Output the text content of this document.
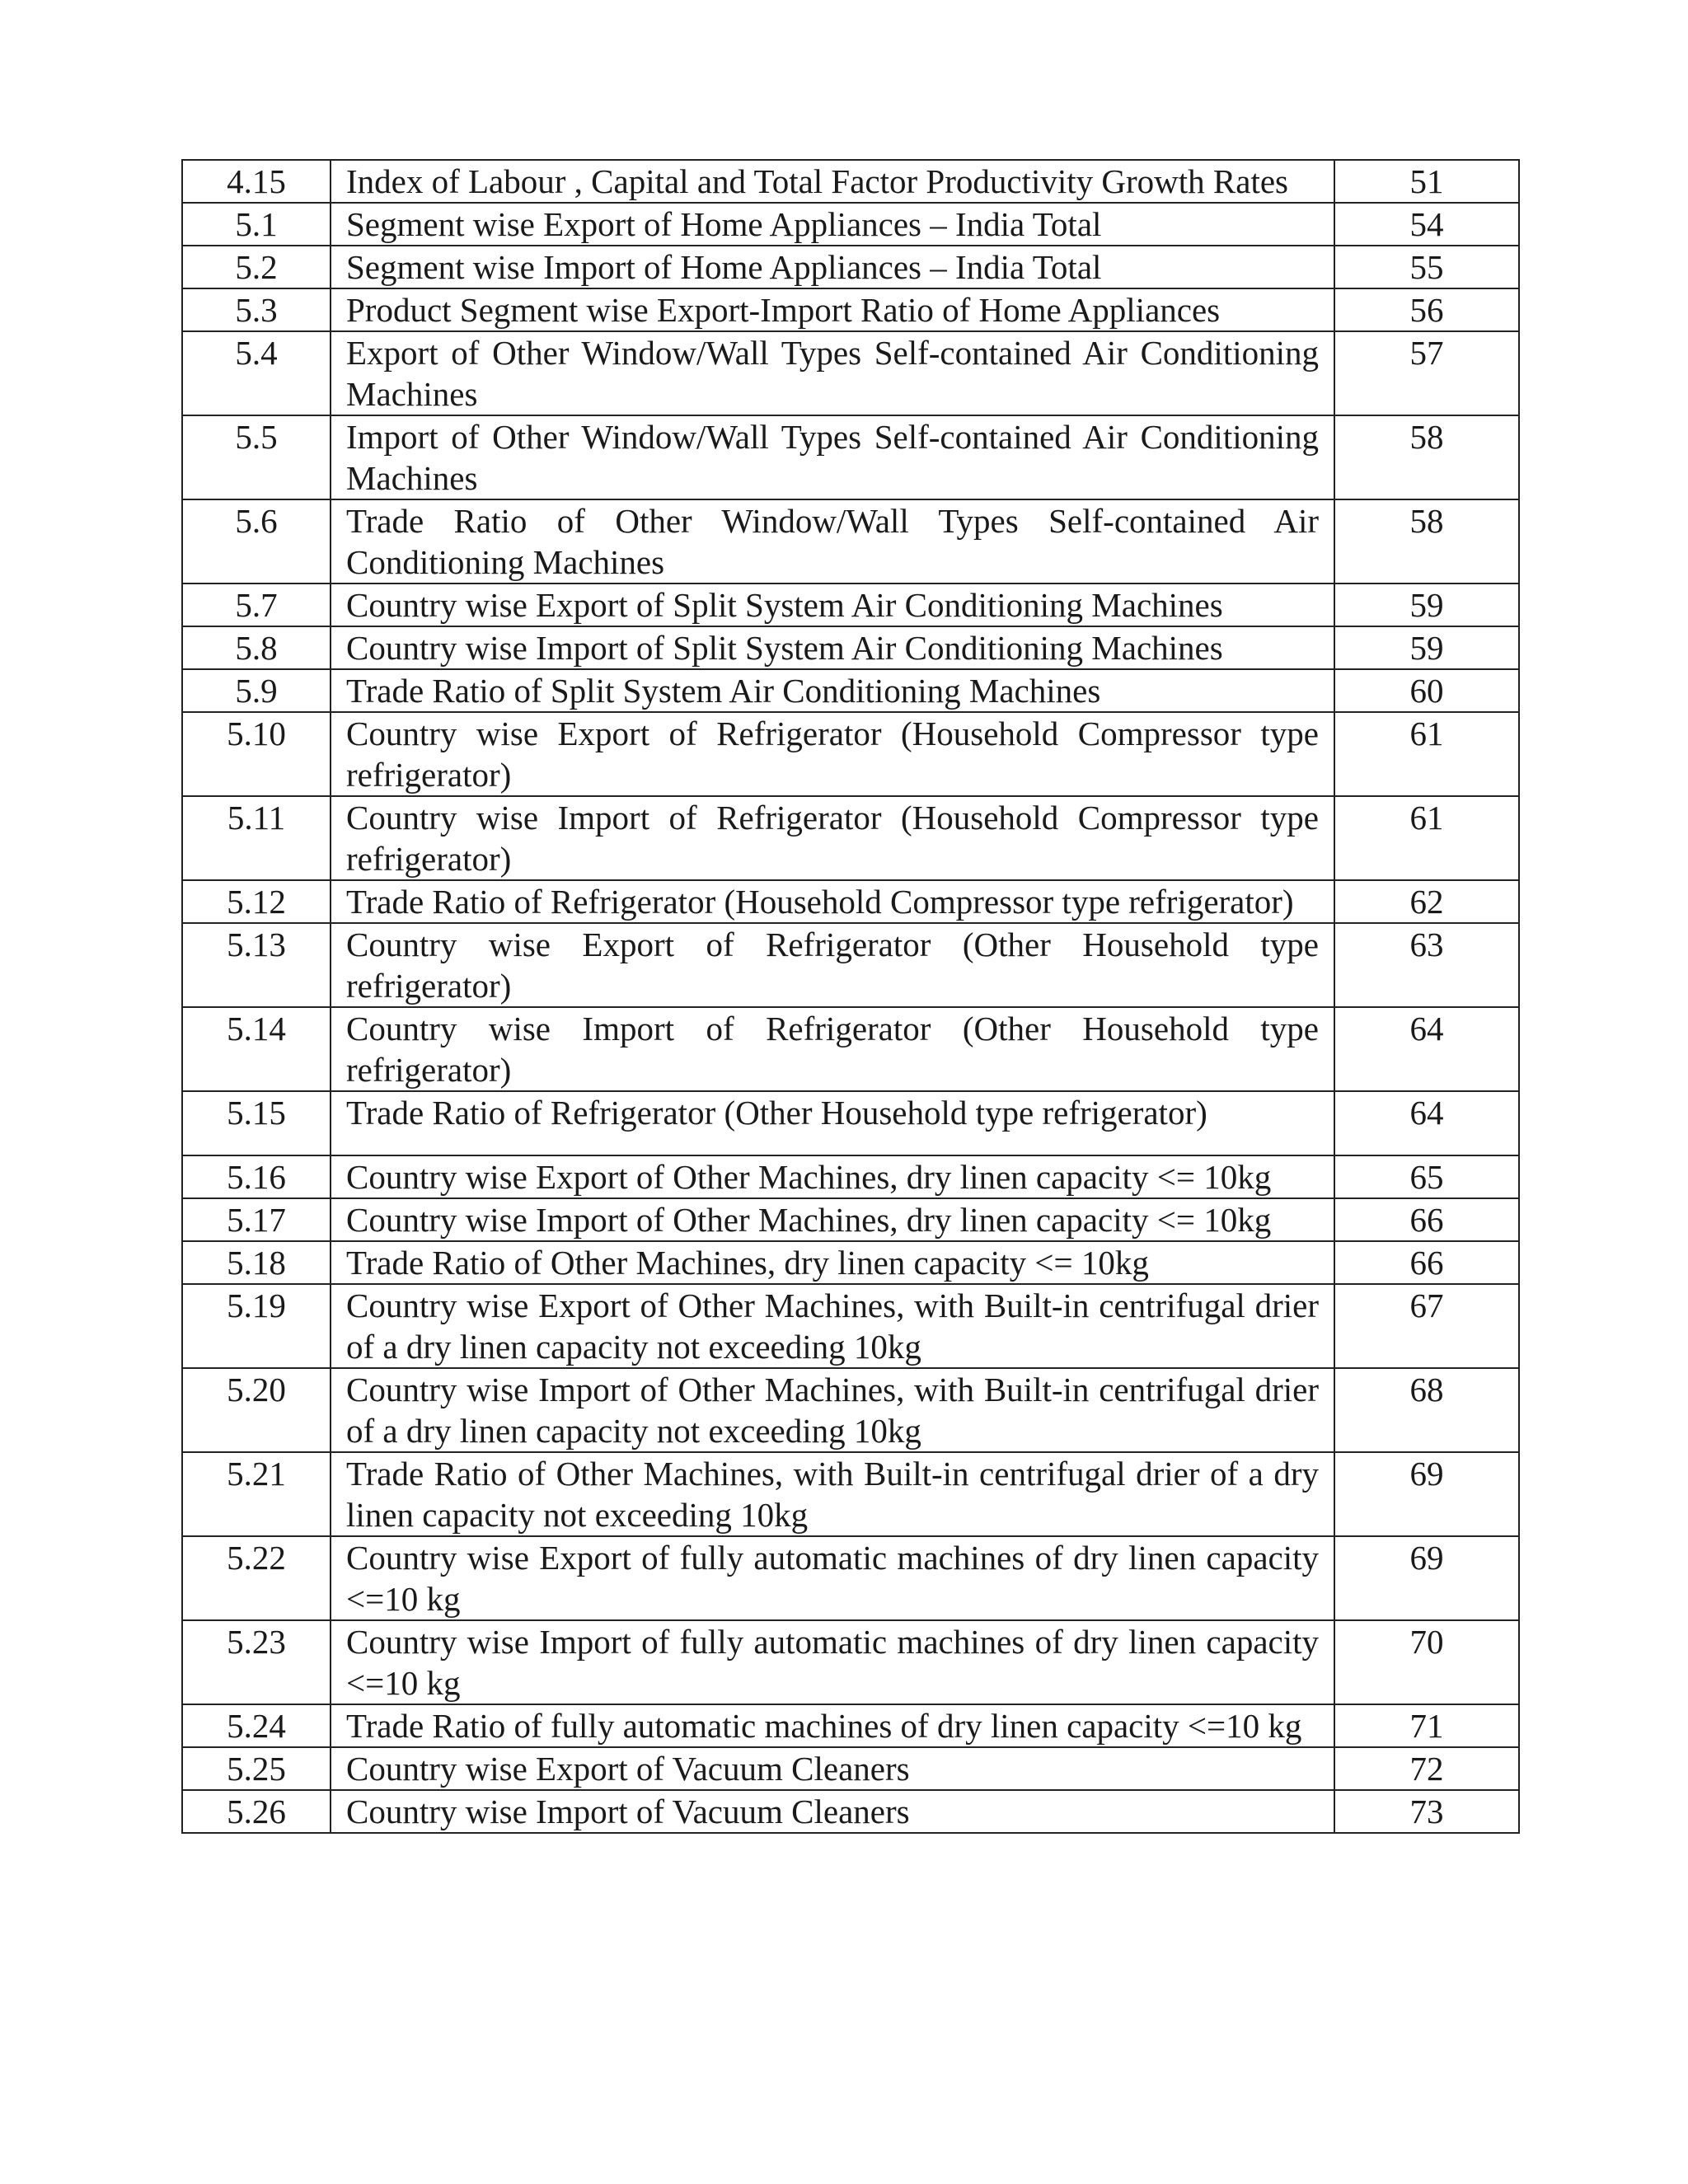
4.15	Index of Labour , Capital and Total Factor Productivity Growth Rates	51
5.1	Segment wise Export of Home Appliances – India Total	54
5.2	Segment wise Import of Home Appliances – India Total	55
5.3	Product Segment wise Export-Import Ratio of Home Appliances	56
5.4	Export of Other Window/Wall Types Self-contained Air Conditioning Machines	57
5.5	Import of Other Window/Wall Types Self-contained Air Conditioning Machines	58
5.6	Trade Ratio of Other Window/Wall Types Self-contained Air Conditioning Machines	58
5.7	Country wise Export of Split System Air Conditioning Machines	59
5.8	Country wise Import of Split System Air Conditioning Machines	59
5.9	Trade Ratio of Split System Air Conditioning Machines	60
5.10	Country wise Export of Refrigerator (Household Compressor type refrigerator)	61
5.11	Country wise Import of Refrigerator (Household Compressor type refrigerator)	61
5.12	Trade Ratio of Refrigerator (Household Compressor type refrigerator)	62
5.13	Country wise Export of Refrigerator (Other Household type refrigerator)	63
5.14	Country wise Import of Refrigerator (Other Household type refrigerator)	64
5.15	Trade Ratio of Refrigerator (Other Household type refrigerator)	64
5.16	Country wise Export of Other Machines, dry linen capacity <= 10kg	65
5.17	Country wise Import of Other Machines, dry linen capacity <= 10kg	66
5.18	Trade Ratio of Other Machines, dry linen capacity <= 10kg	66
5.19	Country wise Export of Other Machines, with Built-in centrifugal drier of a dry linen capacity not exceeding 10kg	67
5.20	Country wise Import of Other Machines, with Built-in centrifugal drier of a dry linen capacity not exceeding 10kg	68
5.21	Trade Ratio of Other Machines, with Built-in centrifugal drier of a dry linen capacity not exceeding 10kg	69
5.22	Country wise Export of fully automatic machines of dry linen capacity <=10 kg	69
5.23	Country wise Import of fully automatic machines of dry linen capacity <=10 kg	70
5.24	Trade Ratio of fully automatic machines of dry linen capacity <=10 kg	71
5.25	Country wise Export of Vacuum Cleaners	72
5.26	Country wise Import of Vacuum Cleaners	73
